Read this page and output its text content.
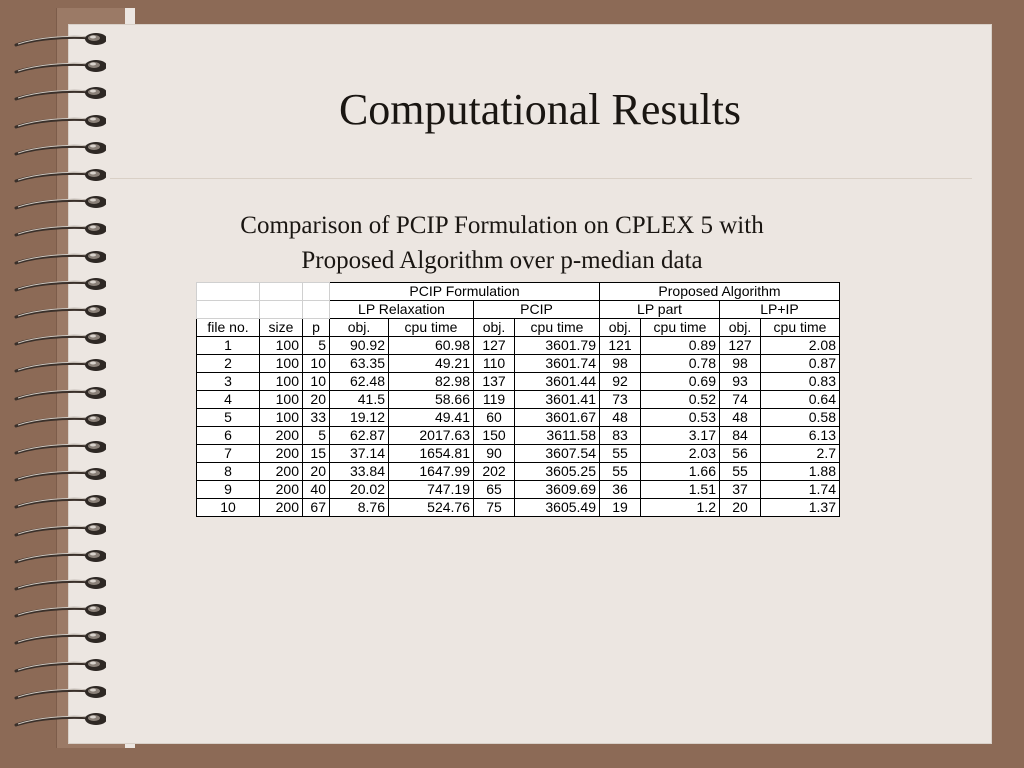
Computational Results
Comparison of PCIP Formulation on CPLEX 5 with
Proposed Algorithm over p-median data
			PCIP Formulation				Proposed Algorithm			
			LP Relaxation		PCIP		LP part		LP+IP	
file no.	size	p	obj.	cpu time	obj.	cpu time	obj.	cpu time	obj.	cpu time
1	100	5	90.92	60.98	127	3601.79	121	0.89	127	2.08
2	100	10	63.35	49.21	110	3601.74	98	0.78	98	0.87
3	100	10	62.48	82.98	137	3601.44	92	0.69	93	0.83
4	100	20	41.5	58.66	119	3601.41	73	0.52	74	0.64
5	100	33	19.12	49.41	60	3601.67	48	0.53	48	0.58
6	200	5	62.87	2017.63	150	3611.58	83	3.17	84	6.13
7	200	15	37.14	1654.81	90	3607.54	55	2.03	56	2.7
8	200	20	33.84	1647.99	202	3605.25	55	1.66	55	1.88
9	200	40	20.02	747.19	65	3609.69	36	1.51	37	1.74
10	200	67	8.76	524.76	75	3605.49	19	1.2	20	1.37
